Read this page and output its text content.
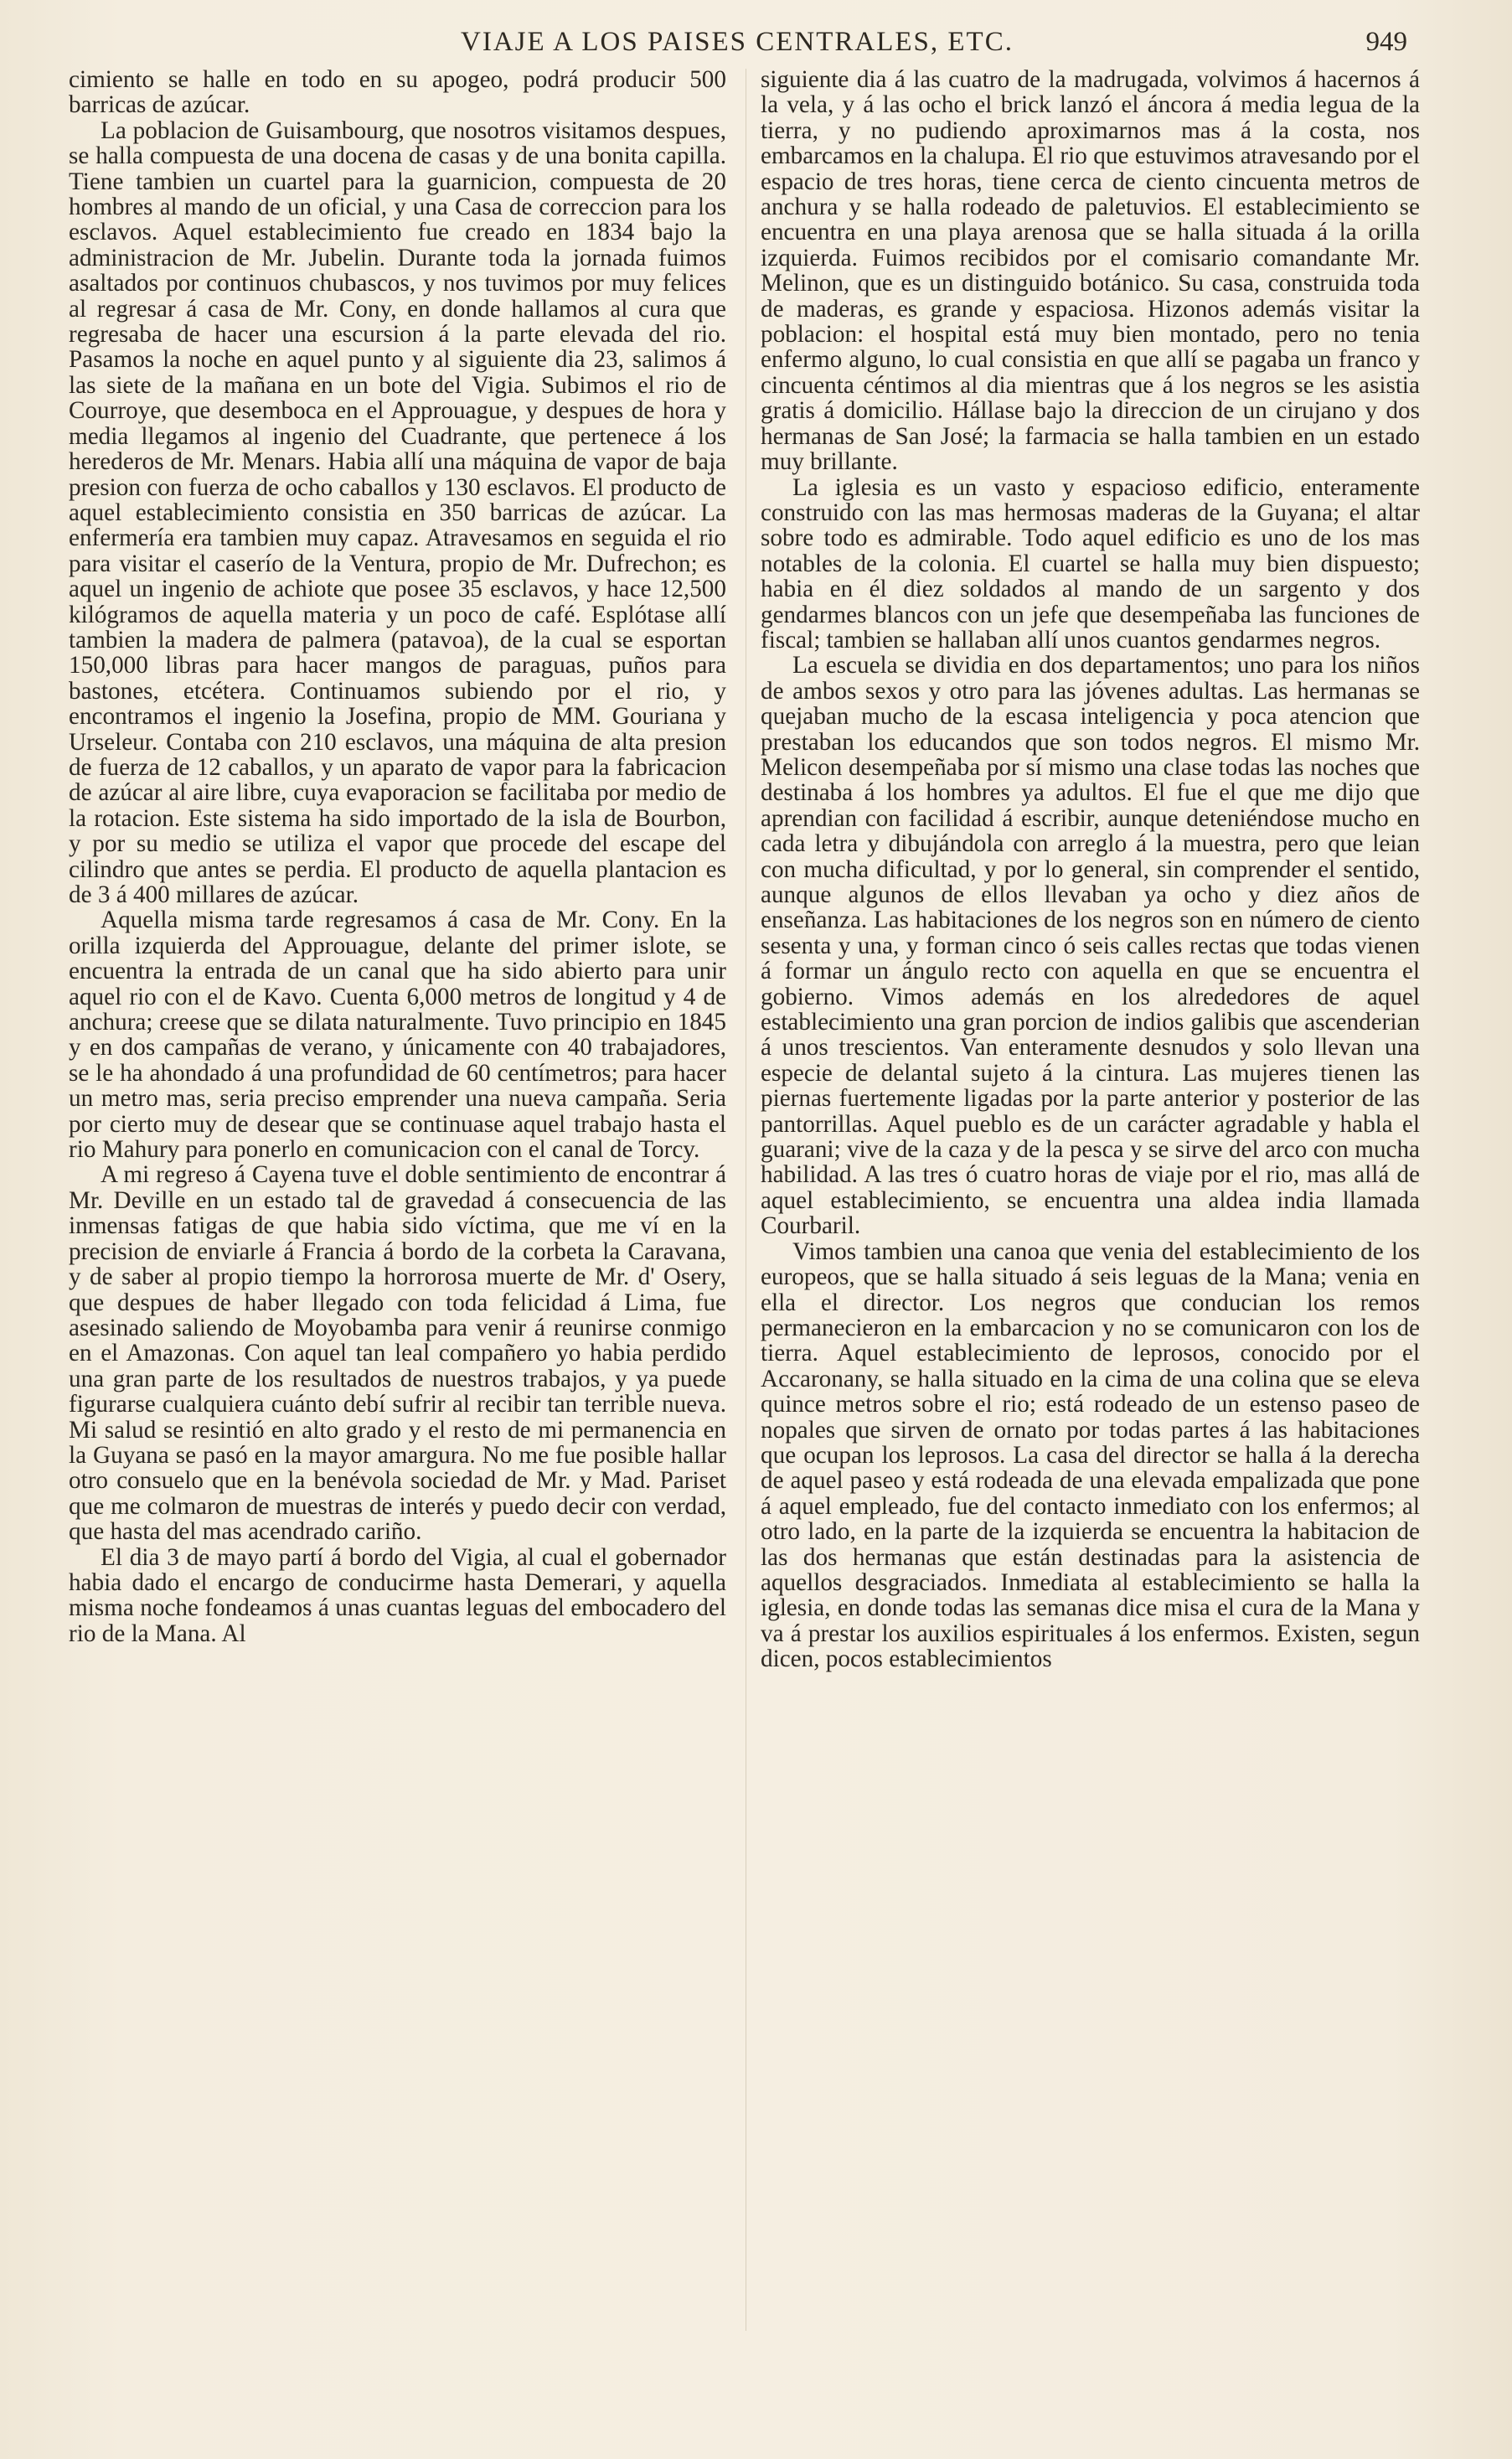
VIAJE A LOS PAISES CENTRALES, ETC.	949

cimiento se halle en todo en su apogeo, podrá producir 500 barricas de azúcar.

La poblacion de Guisambourg, que nosotros visitamos despues, se halla compuesta de una docena de casas y de una bonita capilla. Tiene tambien un cuartel para la guarnicion, compuesta de 20 hombres al mando de un oficial, y una Casa de correccion para los esclavos. Aquel establecimiento fue creado en 1834 bajo la administracion de Mr. Jubelin. Durante toda la jornada fuimos asaltados por continuos chubascos, y nos tuvimos por muy felices al regresar á casa de Mr. Cony, en donde hallamos al cura que regresaba de hacer una escursion á la parte elevada del rio. Pasamos la noche en aquel punto y al siguiente dia 23, salimos á las siete de la mañana en un bote del Vigia. Subimos el rio de Courroye, que desemboca en el Approuague, y despues de hora y media llegamos al ingenio del Cuadrante, que pertenece á los herederos de Mr. Menars. Habia allí una máquina de vapor de baja presion con fuerza de ocho caballos y 130 esclavos. El producto de aquel establecimiento consistia en 350 barricas de azúcar. La enfermería era tambien muy capaz. Atravesamos en seguida el rio para visitar el caserío de la Ventura, propio de Mr. Dufrechon; es aquel un ingenio de achiote que posee 35 esclavos, y hace 12,500 kilógramos de aquella materia y un poco de café. Esplótase allí tambien la madera de palmera (patavoa), de la cual se esportan 150,000 libras para hacer mangos de paraguas, puños para bastones, etcétera. Continuamos subiendo por el rio, y encontramos el ingenio la Josefina, propio de MM. Gouriana y Urseleur. Contaba con 210 esclavos, una máquina de alta presion de fuerza de 12 caballos, y un aparato de vapor para la fabricacion de azúcar al aire libre, cuya evaporacion se facilitaba por medio de la rotacion. Este sistema ha sido importado de la isla de Bourbon, y por su medio se utiliza el vapor que procede del escape del cilindro que antes se perdia. El producto de aquella plantacion es de 3 á 400 millares de azúcar.

Aquella misma tarde regresamos á casa de Mr. Cony. En la orilla izquierda del Approuague, delante del primer islote, se encuentra la entrada de un canal que ha sido abierto para unir aquel rio con el de Kavo. Cuenta 6,000 metros de longitud y 4 de anchura; creese que se dilata naturalmente. Tuvo principio en 1845 y en dos campañas de verano, y únicamente con 40 trabajadores, se le ha ahondado á una profundidad de 60 centímetros; para hacer un metro mas, seria preciso emprender una nueva campaña. Seria por cierto muy de desear que se continuase aquel trabajo hasta el rio Mahury para ponerlo en comunicacion con el canal de Torcy.

A mi regreso á Cayena tuve el doble sentimiento de encontrar á Mr. Deville en un estado tal de gravedad á consecuencia de las inmensas fatigas de que habia sido víctima, que me ví en la precision de enviarle á Francia á bordo de la corbeta la Caravana, y de saber al propio tiempo la horrorosa muerte de Mr. d' Osery, que despues de haber llegado con toda felicidad á Lima, fue asesinado saliendo de Moyobamba para venir á reunirse conmigo en el Amazonas. Con aquel tan leal compañero yo habia perdido una gran parte de los resultados de nuestros trabajos, y ya puede figurarse cualquiera cuánto debí sufrir al recibir tan terrible nueva. Mi salud se resintió en alto grado y el resto de mi permanencia en la Guyana se pasó en la mayor amargura. No me fue posible hallar otro consuelo que en la benévola sociedad de Mr. y Mad. Pariset que me colmaron de muestras de interés y puedo decir con verdad, que hasta del mas acendrado cariño.

El dia 3 de mayo partí á bordo del Vigia, al cual el gobernador habia dado el encargo de conducirme hasta Demerari, y aquella misma noche fondeamos á unas cuantas leguas del embocadero del rio de la Mana. Al

siguiente dia á las cuatro de la madrugada, volvimos á hacernos á la vela, y á las ocho el brick lanzó el áncora á media legua de la tierra, y no pudiendo aproximarnos mas á la costa, nos embarcamos en la chalupa. El rio que estuvimos atravesando por el espacio de tres horas, tiene cerca de ciento cincuenta metros de anchura y se halla rodeado de paletuvios. El establecimiento se encuentra en una playa arenosa que se halla situada á la orilla izquierda. Fuimos recibidos por el comisario comandante Mr. Melinon, que es un distinguido botánico. Su casa, construida toda de maderas, es grande y espaciosa. Hizonos además visitar la poblacion: el hospital está muy bien montado, pero no tenia enfermo alguno, lo cual consistia en que allí se pagaba un franco y cincuenta céntimos al dia mientras que á los negros se les asistia gratis á domicilio. Hállase bajo la direccion de un cirujano y dos hermanas de San José; la farmacia se halla tambien en un estado muy brillante.

La iglesia es un vasto y espacioso edificio, enteramente construido con las mas hermosas maderas de la Guyana; el altar sobre todo es admirable. Todo aquel edificio es uno de los mas notables de la colonia. El cuartel se halla muy bien dispuesto; habia en él diez soldados al mando de un sargento y dos gendarmes blancos con un jefe que desempeñaba las funciones de fiscal; tambien se hallaban allí unos cuantos gendarmes negros.

La escuela se dividia en dos departamentos; uno para los niños de ambos sexos y otro para las jóvenes adultas. Las hermanas se quejaban mucho de la escasa inteligencia y poca atencion que prestaban los educandos que son todos negros. El mismo Mr. Melicon desempeñaba por sí mismo una clase todas las noches que destinaba á los hombres ya adultos. El fue el que me dijo que aprendian con facilidad á escribir, aunque deteniéndose mucho en cada letra y dibujándola con arreglo á la muestra, pero que leian con mucha dificultad, y por lo general, sin comprender el sentido, aunque algunos de ellos llevaban ya ocho y diez años de enseñanza. Las habitaciones de los negros son en número de ciento sesenta y una, y forman cinco ó seis calles rectas que todas vienen á formar un ángulo recto con aquella en que se encuentra el gobierno. Vimos además en los alrededores de aquel establecimiento una gran porcion de indios galibis que ascenderian á unos trescientos. Van enteramente desnudos y solo llevan una especie de delantal sujeto á la cintura. Las mujeres tienen las piernas fuertemente ligadas por la parte anterior y posterior de las pantorrillas. Aquel pueblo es de un carácter agradable y habla el guarani; vive de la caza y de la pesca y se sirve del arco con mucha habilidad. A las tres ó cuatro horas de viaje por el rio, mas allá de aquel establecimiento, se encuentra una aldea india llamada Courbaril.

Vimos tambien una canoa que venia del establecimiento de los europeos, que se halla situado á seis leguas de la Mana; venia en ella el director. Los negros que conducian los remos permanecieron en la embarcacion y no se comunicaron con los de tierra. Aquel establecimiento de leprosos, conocido por el Accaronany, se halla situado en la cima de una colina que se eleva quince metros sobre el rio; está rodeado de un estenso paseo de nopales que sirven de ornato por todas partes á las habitaciones que ocupan los leprosos. La casa del director se halla á la derecha de aquel paseo y está rodeada de una elevada empalizada que pone á aquel empleado, fue del contacto inmediato con los enfermos; al otro lado, en la parte de la izquierda se encuentra la habitacion de las dos hermanas que están destinadas para la asistencia de aquellos desgraciados. Inmediata al establecimiento se halla la iglesia, en donde todas las semanas dice misa el cura de la Mana y va á prestar los auxilios espirituales á los enfermos. Existen, segun dicen, pocos establecimientos
